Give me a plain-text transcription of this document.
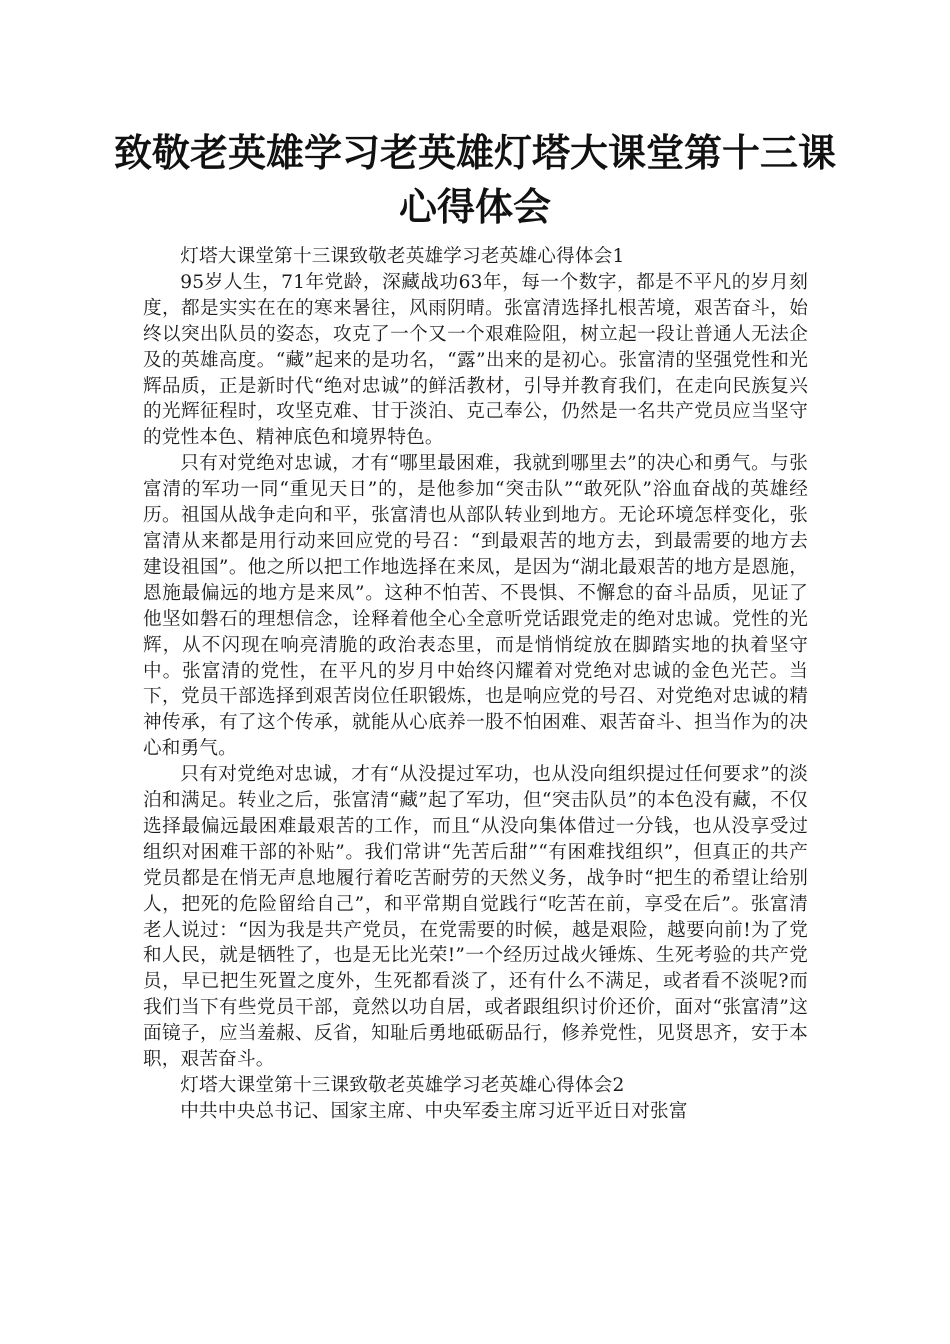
致敬老英雄学习老英雄灯塔大课堂第十三课心得体会

灯塔大课堂第十三课致敬老英雄学习老英雄心得体会1

95岁人生，71年党龄，深藏战功63年，每一个数字，都是不平凡的岁月刻度，都是实实在在的寒来暑往，风雨阴晴。张富清选择扎根苦境，艰苦奋斗，始终以突出队员的姿态，攻克了一个又一个艰难险阻，树立起一段让普通人无法企及的英雄高度。“藏”起来的是功名，“露”出来的是初心。张富清的坚强党性和光辉品质，正是新时代“绝对忠诚”的鲜活教材，引导并教育我们，在走向民族复兴的光辉征程时，攻坚克难、甘于淡泊、克己奉公，仍然是一名共产党员应当坚守的党性本色、精神底色和境界特色。

只有对党绝对忠诚，才有“哪里最困难，我就到哪里去”的决心和勇气。与张富清的军功一同“重见天日”的，是他参加“突击队”“敢死队”浴血奋战的英雄经历。祖国从战争走向和平，张富清也从部队转业到地方。无论环境怎样变化，张富清从来都是用行动来回应党的号召：“到最艰苦的地方去，到最需要的地方去建设祖国”。他之所以把工作地选择在来凤，是因为“湖北最艰苦的地方是恩施，恩施最偏远的地方是来凤”。这种不怕苦、不畏惧、不懈怠的奋斗品质，见证了他坚如磐石的理想信念，诠释着他全心全意听党话跟党走的绝对忠诚。党性的光辉，从不闪现在响亮清脆的政治表态里，而是悄悄绽放在脚踏实地的执着坚守中。张富清的党性，在平凡的岁月中始终闪耀着对党绝对忠诚的金色光芒。当下，党员干部选择到艰苦岗位任职锻炼，也是响应党的号召、对党绝对忠诚的精神传承，有了这个传承，就能从心底养一股不怕困难、艰苦奋斗、担当作为的决心和勇气。

只有对党绝对忠诚，才有“从没提过军功，也从没向组织提过任何要求”的淡泊和满足。转业之后，张富清“藏”起了军功，但“突击队员”的本色没有藏，不仅选择最偏远最困难最艰苦的工作，而且“从没向集体借过一分钱，也从没享受过组织对困难干部的补贴”。我们常讲“先苦后甜”“有困难找组织”，但真正的共产党员都是在悄无声息地履行着吃苦耐劳的天然义务，战争时“把生的希望让给别人，把死的危险留给自己”，和平常期自觉践行“吃苦在前，享受在后”。张富清老人说过：“因为我是共产党员，在党需要的时候，越是艰险，越要向前!为了党和人民，就是牺牲了，也是无比光荣!”一个经历过战火锤炼、生死考验的共产党员，早已把生死置之度外，生死都看淡了，还有什么不满足，或者看不淡呢?而我们当下有些党员干部，竟然以功自居，或者跟组织讨价还价，面对“张富清”这面镜子，应当羞赧、反省，知耻后勇地砥砺品行，修养党性，见贤思齐，安于本职，艰苦奋斗。

灯塔大课堂第十三课致敬老英雄学习老英雄心得体会2

中共中央总书记、国家主席、中央军委主席习近平近日对张富
